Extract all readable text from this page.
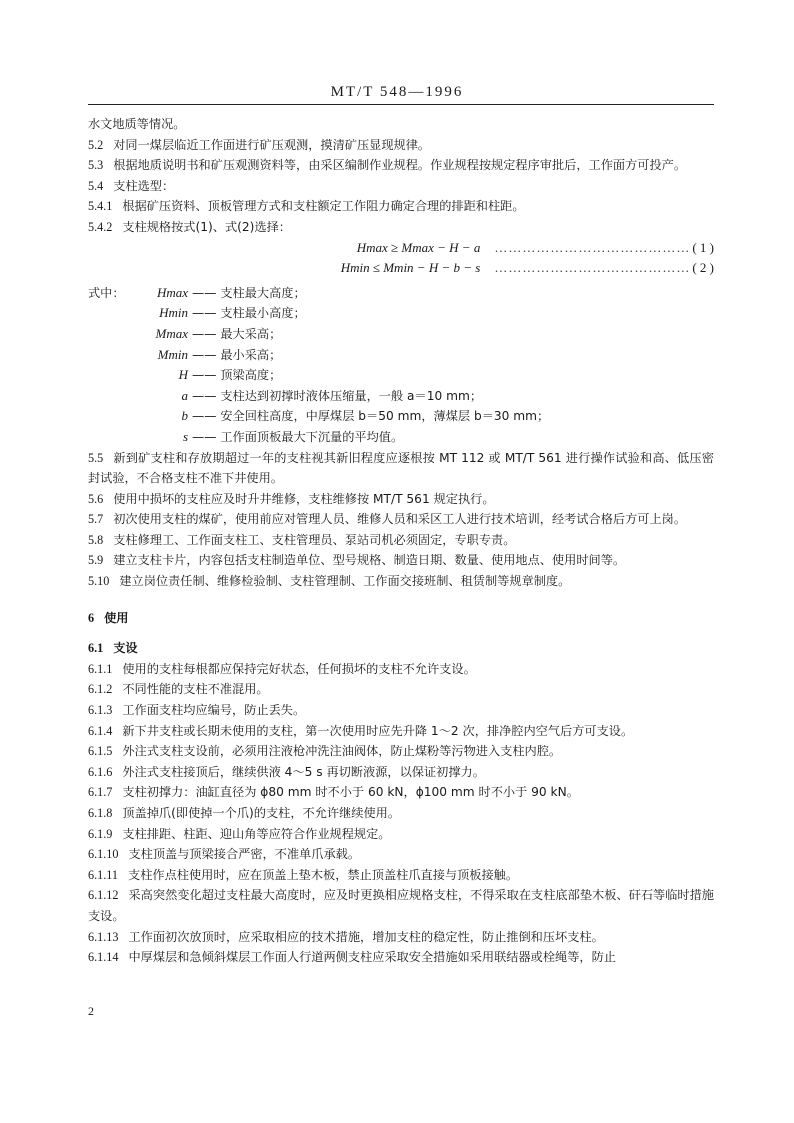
MT/T 548—1996

水文地质等情况。

5.2 对同一煤层临近工作面进行矿压观测，摸清矿压显现规律。

5.3 根据地质说明书和矿压观测资料等，由采区编制作业规程。作业规程按规定程序审批后，工作面方可投产。

5.4 支柱选型：

5.4.1 根据矿压资料、顶板管理方式和支柱额定工作阻力确定合理的排距和柱距。

5.4.2 支柱规格按式(1)、式(2)选择：

Hmax ≥ Mmax − H − a …………………………………… ( 1 )
Hmin ≤ Mmin − H − b − s …………………………………… ( 2 )
式中：	Hmax —— 支柱最大高度；
Hmin —— 支柱最小高度；
Mmax —— 最大采高；
Mmin —— 最小采高；
H —— 顶梁高度；
a —— 支柱达到初撑时液体压缩量，一般 a＝10 mm；
b —— 安全回柱高度，中厚煤层 b＝50 mm，薄煤层 b＝30 mm；
s —— 工作面顶板最大下沉量的平均值。

5.5 新到矿支柱和存放期超过一年的支柱视其新旧程度应逐根按 MT 112 或 MT/T 561 进行操作试验和高、低压密封试验，不合格支柱不准下井使用。

5.6 使用中损坏的支柱应及时升井维修，支柱维修按 MT/T 561 规定执行。

5.7 初次使用支柱的煤矿，使用前应对管理人员、维修人员和采区工人进行技术培训，经考试合格后方可上岗。

5.8 支柱修理工、工作面支柱工、支柱管理员、泵站司机必须固定，专职专责。

5.9 建立支柱卡片，内容包括支柱制造单位、型号规格、制造日期、数量、使用地点、使用时间等。

5.10 建立岗位责任制、维修检验制、支柱管理制、工作面交接班制、租赁制等规章制度。

6 使用

6.1 支设

6.1.1 使用的支柱每根都应保持完好状态，任何损坏的支柱不允许支设。

6.1.2 不同性能的支柱不准混用。

6.1.3 工作面支柱均应编号，防止丢失。

6.1.4 新下井支柱或长期未使用的支柱，第一次使用时应先升降 1～2 次，排净腔内空气后方可支设。

6.1.5 外注式支柱支设前，必须用注液枪冲洗注油阀体，防止煤粉等污物进入支柱内腔。

6.1.6 外注式支柱接顶后，继续供液 4～5 s 再切断液源，以保证初撑力。

6.1.7 支柱初撑力：油缸直径为 ϕ80 mm 时不小于 60 kN，ϕ100 mm 时不小于 90 kN。

6.1.8 顶盖掉爪(即使掉一个爪)的支柱，不允许继续使用。

6.1.9 支柱排距、柱距、迎山角等应符合作业规程规定。

6.1.10 支柱顶盖与顶梁接合严密，不准单爪承载。

6.1.11 支柱作点柱使用时，应在顶盖上垫木板，禁止顶盖柱爪直接与顶板接触。

6.1.12 采高突然变化超过支柱最大高度时，应及时更换相应规格支柱，不得采取在支柱底部垫木板、矸石等临时措施支设。

6.1.13 工作面初次放顶时，应采取相应的技术措施，增加支柱的稳定性，防止推倒和压坏支柱。

6.1.14 中厚煤层和急倾斜煤层工作面人行道两侧支柱应采取安全措施如采用联结器或栓绳等，防止

2
